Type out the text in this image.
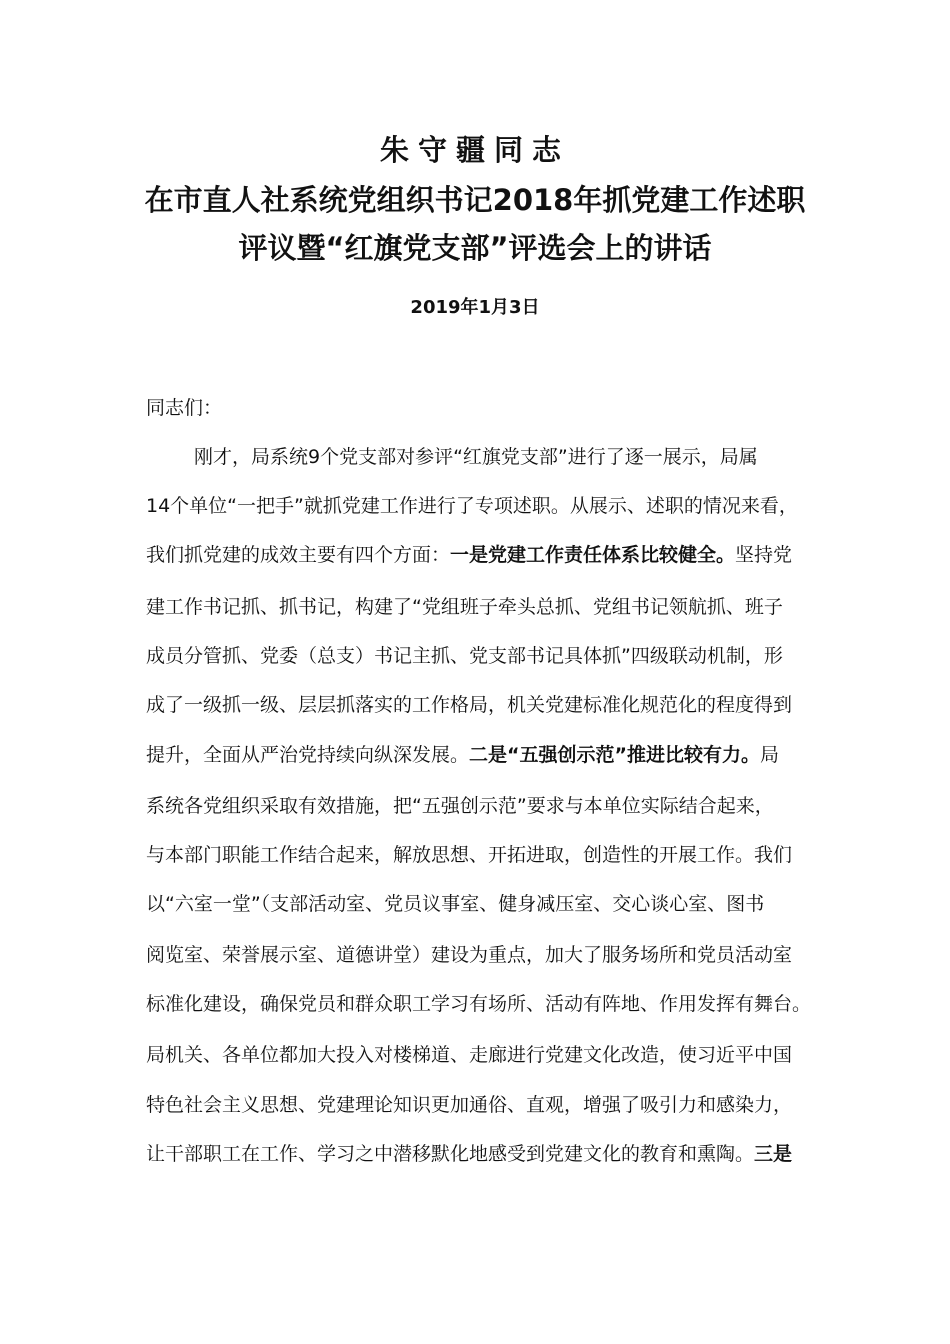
朱守疆同志
在市直人社系统党组织书记2018年抓党建工作述职
评议暨“红旗党支部”评选会上的讲话
2019年1月3日
同志们：
刚才，局系统9个党支部对参评“红旗党支部”进行了逐一展示，局属
14个单位“一把手”就抓党建工作进行了专项述职。从展示、述职的情况来看，
我们抓党建的成效主要有四个方面：一是党建工作责任体系比较健全。坚持党
建工作书记抓、抓书记，构建了“党组班子牵头总抓、党组书记领航抓、班子
成员分管抓、党委（总支）书记主抓、党支部书记具体抓”四级联动机制，形
成了一级抓一级、层层抓落实的工作格局，机关党建标准化规范化的程度得到
提升，全面从严治党持续向纵深发展。二是“五强创示范”推进比较有力。局
系统各党组织采取有效措施，把“五强创示范”要求与本单位实际结合起来，
与本部门职能工作结合起来，解放思想、开拓进取，创造性的开展工作。我们
以“六室一堂”（支部活动室、党员议事室、健身减压室、交心谈心室、图书
阅览室、荣誉展示室、道德讲堂）建设为重点，加大了服务场所和党员活动室
标准化建设，确保党员和群众职工学习有场所、活动有阵地、作用发挥有舞台。
局机关、各单位都加大投入对楼梯道、走廊进行党建文化改造，使习近平中国
特色社会主义思想、党建理论知识更加通俗、直观，增强了吸引力和感染力，
让干部职工在工作、学习之中潜移默化地感受到党建文化的教育和熏陶。三是
